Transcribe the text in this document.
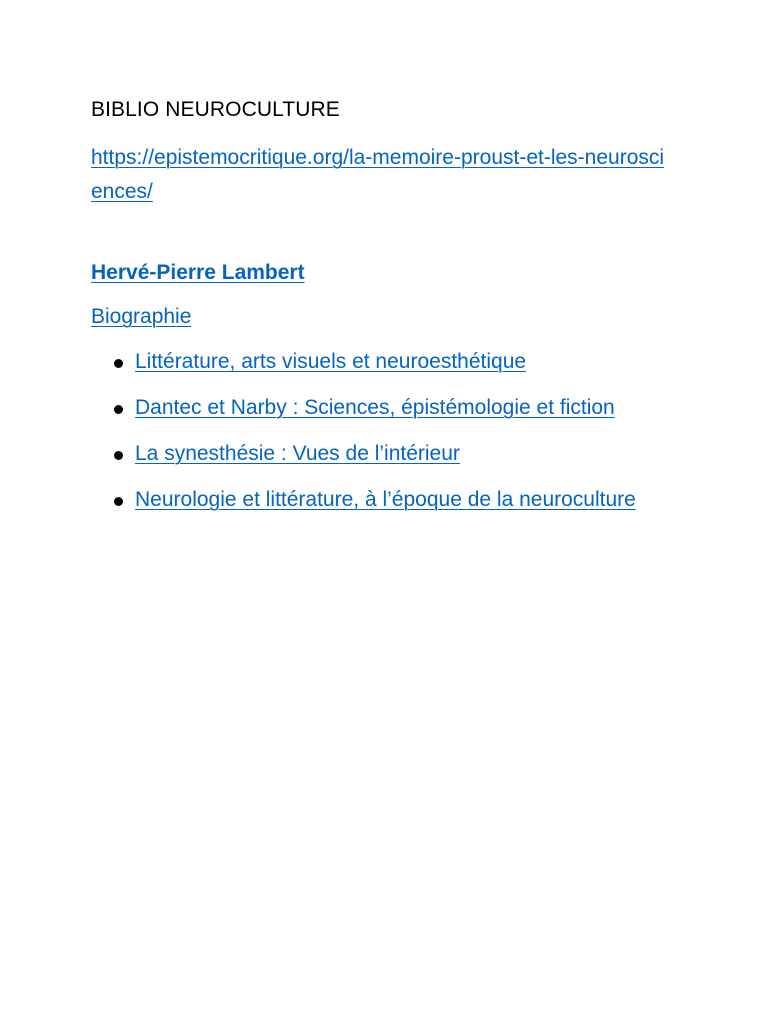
BIBLIO NEUROCULTURE

https://epistemocritique.org/la-memoire-proust-et-les-neurosciences/
Hervé-Pierre Lambert
Biographie
Littérature, arts visuels et neuroesthétique
Dantec et Narby : Sciences, épistémologie et fiction
La synesthésie : Vues de l’intérieur
Neurologie et littérature, à l’époque de la neuroculture
